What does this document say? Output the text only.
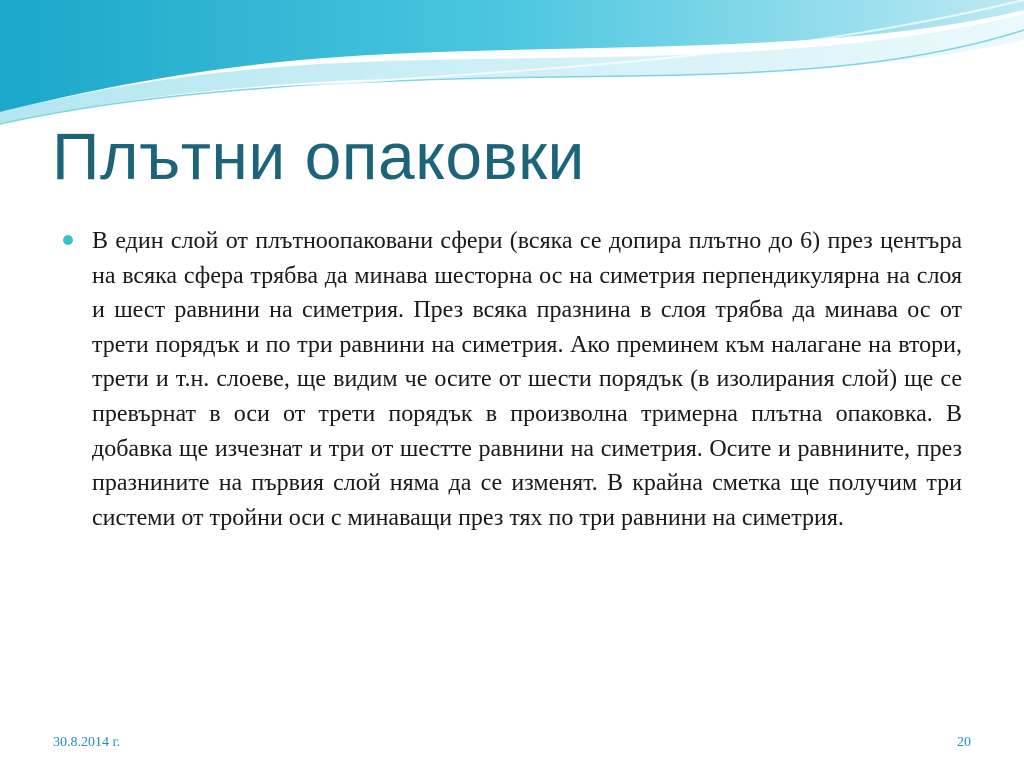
Плътни опаковки

В един слой от плътноопаковани сфери (всяка се допира плътно до 6) през центъра на всяка сфера трябва да минава шесторна ос на симетрия перпендикулярна на слоя и шест равнини на симетрия. През всяка празнина в слоя трябва да минава ос от трети порядък и по три равнини на симетрия. Ако преминем към налагане на втори, трети и т.н. слоеве, ще видим че осите от шести порядък (в изолирания слой) ще се превърнат в оси от трети порядък в произволна тримерна плътна опаковка. В добавка ще изчезнат и три от шестте равнини на симетрия. Осите и равнините, през празнините на първия слой няма да се изменят. В крайна сметка ще получим три системи от тройни оси с минаващи през тях по три равнини на симетрия.

30.8.2014 г.	20
